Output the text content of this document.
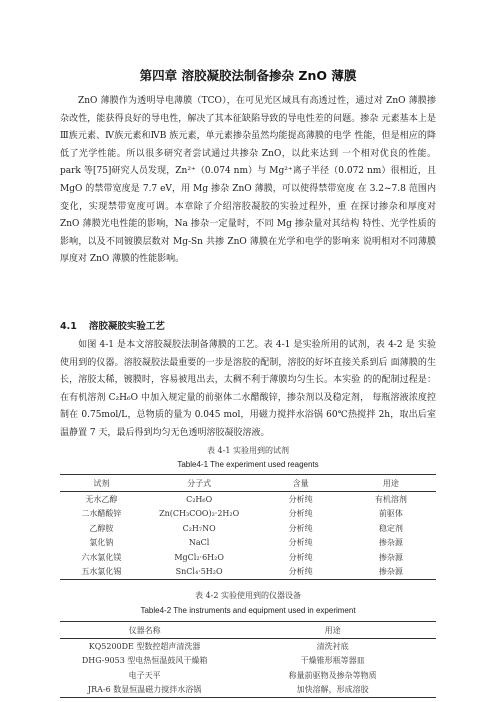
第四章 溶胶凝胶法制备掺杂 ZnO 薄膜
ZnO 薄膜作为透明导电薄膜（TCO），在可见光区域具有高透过性，通过对 ZnO 薄膜掺杂改性，能获得良好的导电性，解决了其本征缺陷导致的导电性差的问题。掺杂 元素基本上是Ⅲ族元素、Ⅳ族元素和ⅣB 族元素，单元素掺杂虽然均能提高薄膜的电学 性能，但是相应的降低了光学性能。所以很多研究者尝试通过共掺杂 ZnO，以此来达到 一个相对优良的性能。park 等[75]研究人员发现，Zn²⁺（0.074 nm）与 Mg²⁺离子半径（0.072 nm）很相近，且 MgO 的禁带宽度是 7.7 eV，用 Mg 掺杂 ZnO 薄膜，可以使得禁带宽度 在 3.2~7.8 范围内变化，实现禁带宽度可调。本章除了介绍溶胶凝胶的实验过程外，重 在探讨掺杂和厚度对 ZnO 薄膜光电性能的影响，Na 掺杂一定量时，不同 Mg 掺杂量对其结构 特性、光学性质的影响，以及不同镀膜层数对 Mg-Sn 共掺 ZnO 薄膜在光学和电学的影响来 说明相对不同薄膜厚度对 ZnO 薄膜的性能影响。
4.1 溶胶凝胶实验工艺
如图 4-1 是本文溶胶凝胶法制备薄膜的工艺。表 4-1 是实验所用的试剂，表 4-2 是 实验使用到的仪器。溶胶凝胶法最重要的一步是溶胶的配制，溶胶的好坏直接关系到后 面薄膜的生长，溶胶太稀，镀膜时，容易被甩出去，太稠不利于薄膜均匀生长。本实验 的的配制过程是：在有机溶剂 C₂H₆O 中加入规定量的前驱体二水醋酸锌，掺杂剂以及稳定剂， 每瓶溶液浓度控制在 0.75mol/L，总物质的量为 0.045 mol，用磁力搅拌水浴锅 60℃热搅拌 2h，取出后室温静置 7 天，最后得到均匀无色透明溶胶凝胶溶液。
表 4-1 实验用到的试剂
Table4-1 The experiment used reagents
试剂	分子式	含量	用途
无水乙醇	C₂H₆O	分析纯	有机溶剂
二水醋酸锌	Zn(CH₃COO)₂·2H₂O	分析纯	前驱体
乙醇胺	C₂H₇NO	分析纯	稳定剂
氯化钠	NaCl	分析纯	掺杂源
六水氯化镁	MgCl₂·6H₂O	分析纯	掺杂源
五水氯化锡	SnCl₄·5H₂O	分析纯	掺杂源
表 4-2 实验使用到的仪器设备
Table4-2 The instruments and equipment used in experiment
仪器名称	用途
KQ5200DE 型数控超声清洗器	清洗衬底
DHG-9053 型电热恒温鼓风干燥箱	干燥锥形瓶等器皿
电子天平	称量前驱物及掺杂等物质
JRA-6 数显恒温磁力搅拌水浴锅	加快溶解，形成溶胶
